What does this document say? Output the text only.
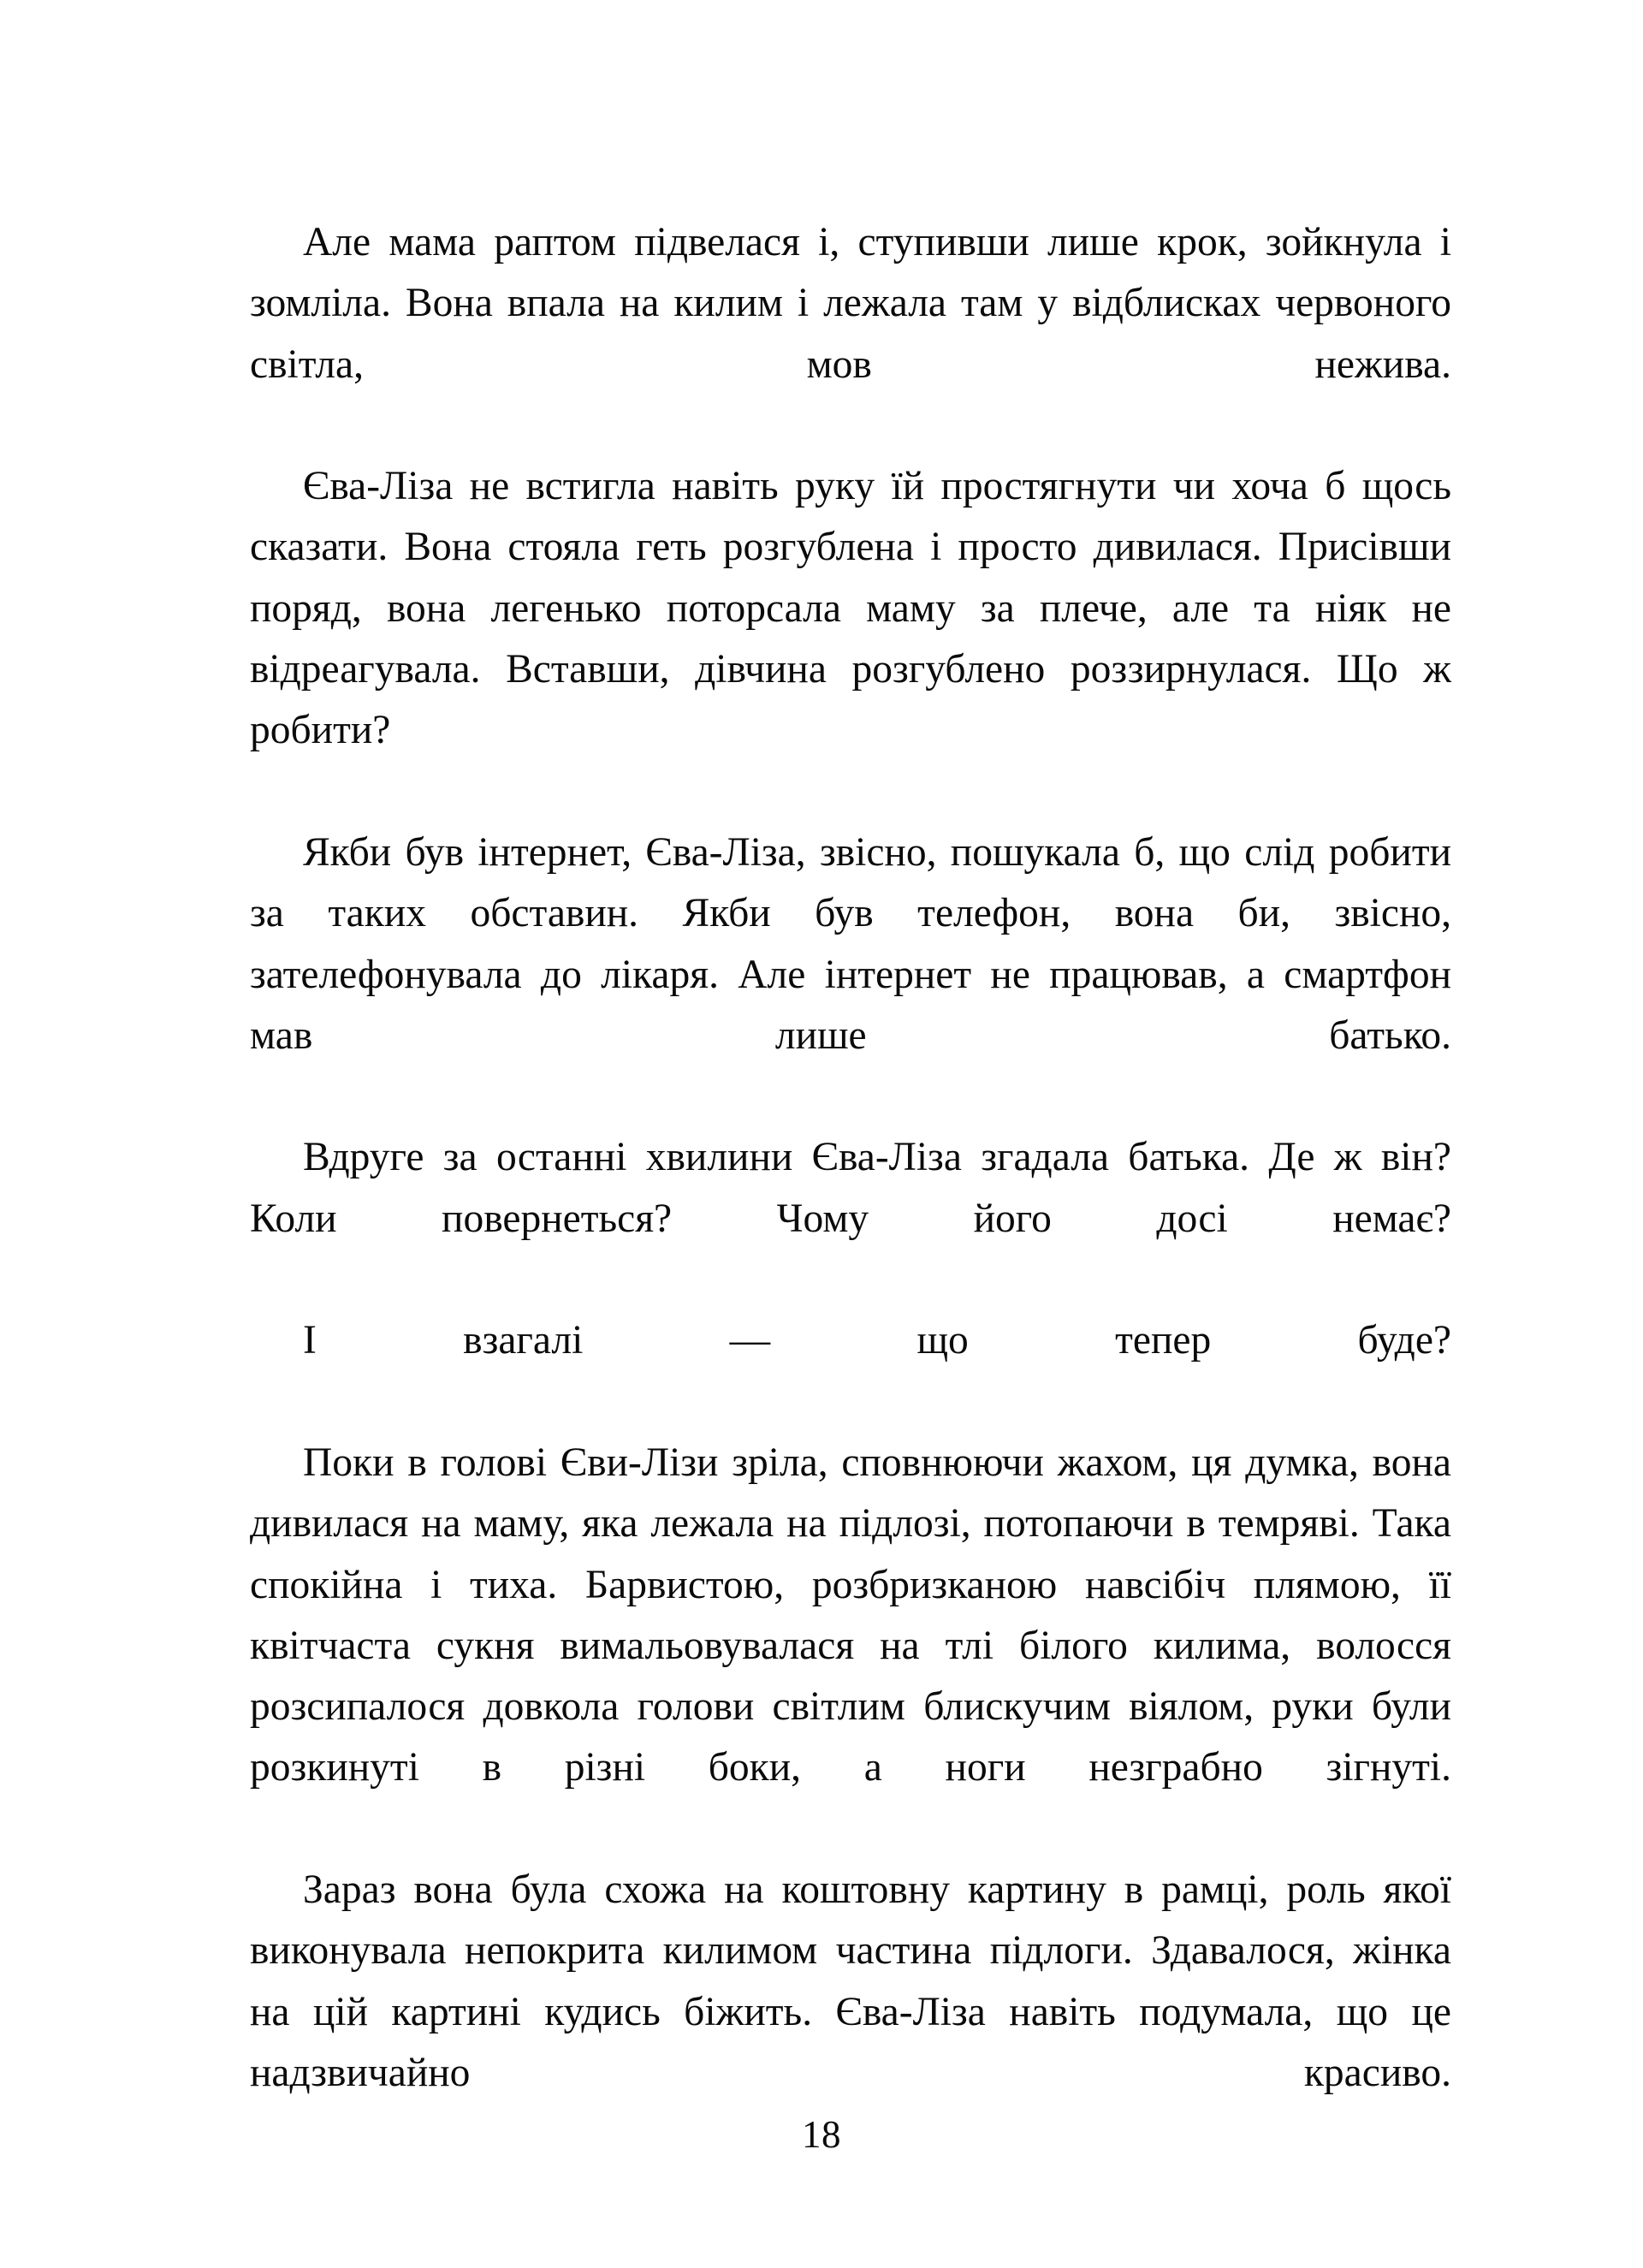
Але мама раптом підвелася і, ступивши лише крок, зойкнула і зомліла. Вона впала на килим і лежала там у відблисках червоного світла, мов нежива.

Єва-Ліза не встигла навіть руку їй простягнути чи хоча б щось сказати. Вона стояла геть розгублена і просто дивилася. Присівши поряд, вона легенько поторсала маму за плече, але та ніяк не відреагувала. Вставши, дівчина розгублено роззирнулася. Що ж робити?

Якби був інтернет, Єва-Ліза, звісно, пошукала б, що слід робити за таких обставин. Якби був телефон, вона би, звісно, зателефонувала до лікаря. Але інтернет не працював, а смартфон мав лише батько.

Вдруге за останні хвилини Єва-Ліза згадала батька. Де ж він? Коли повернеться? Чому його досі немає?

І взагалі — що тепер буде?

Поки в голові Єви-Лізи зріла, сповнюючи жахом, ця думка, вона дивилася на маму, яка лежала на підлозі, потопаючи в темряві. Така спокійна і тиха. Барвистою, розбризканою навсібіч плямою, її квітчаста сукня вимальовувалася на тлі білого килима, волосся розсипалося довкола голови світлим блискучим віялом, руки були розкинуті в різні боки, а ноги незграбно зігнуті.

Зараз вона була схожа на коштовну картину в рамці, роль якої виконувала непокрита килимом частина підлоги. Здавалося, жінка на цій картині кудись біжить. Єва-Ліза навіть подумала, що це надзвичайно красиво.

18
